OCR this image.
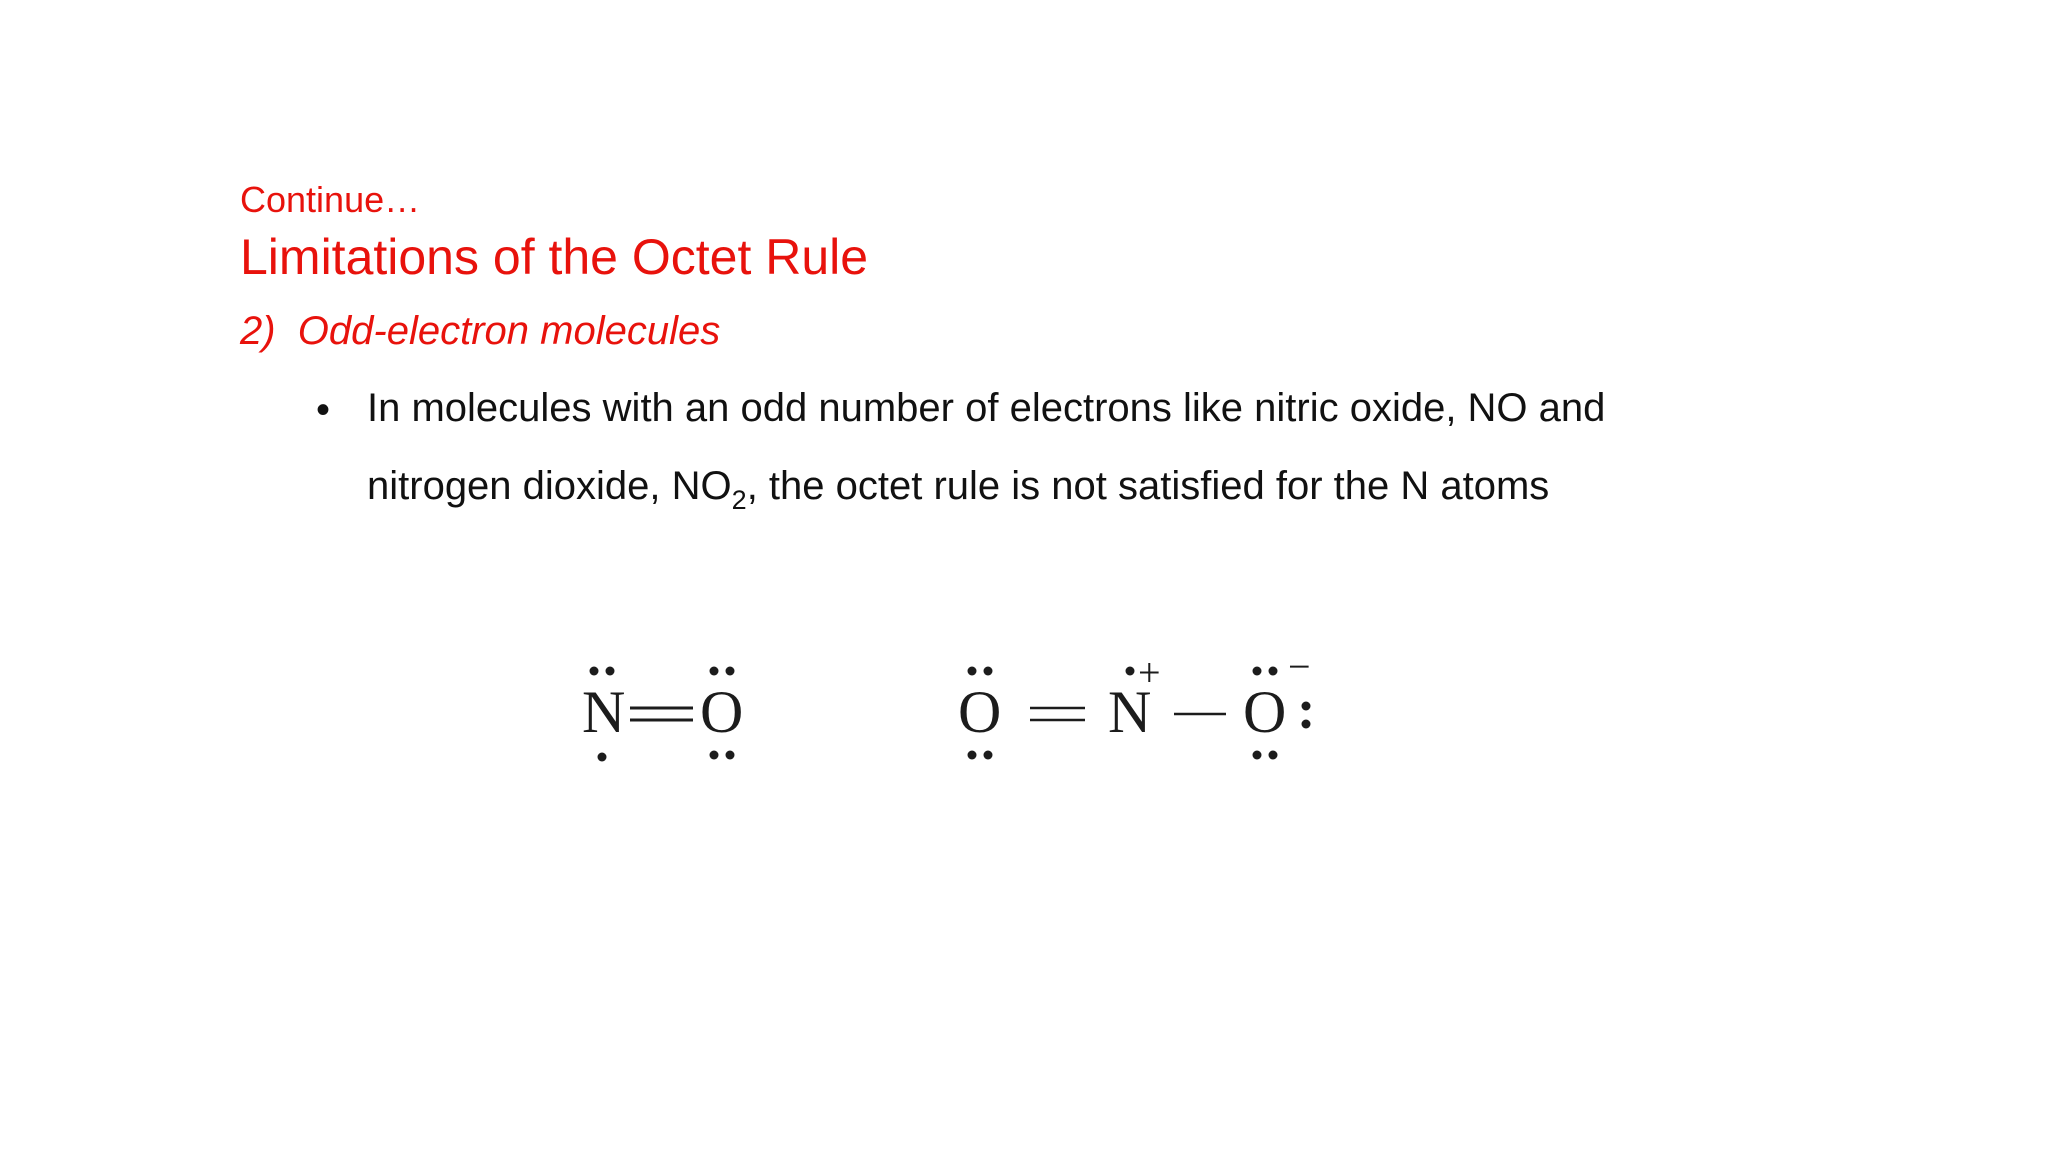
Continue…
Limitations of the Octet Rule
2)  Odd-electron molecules
• In molecules with an odd number of electrons like nitric oxide, NO and
nitrogen dioxide, $NO_2$, the octet rule is not satisfied for the N atoms
N O	O N
+
O
−
